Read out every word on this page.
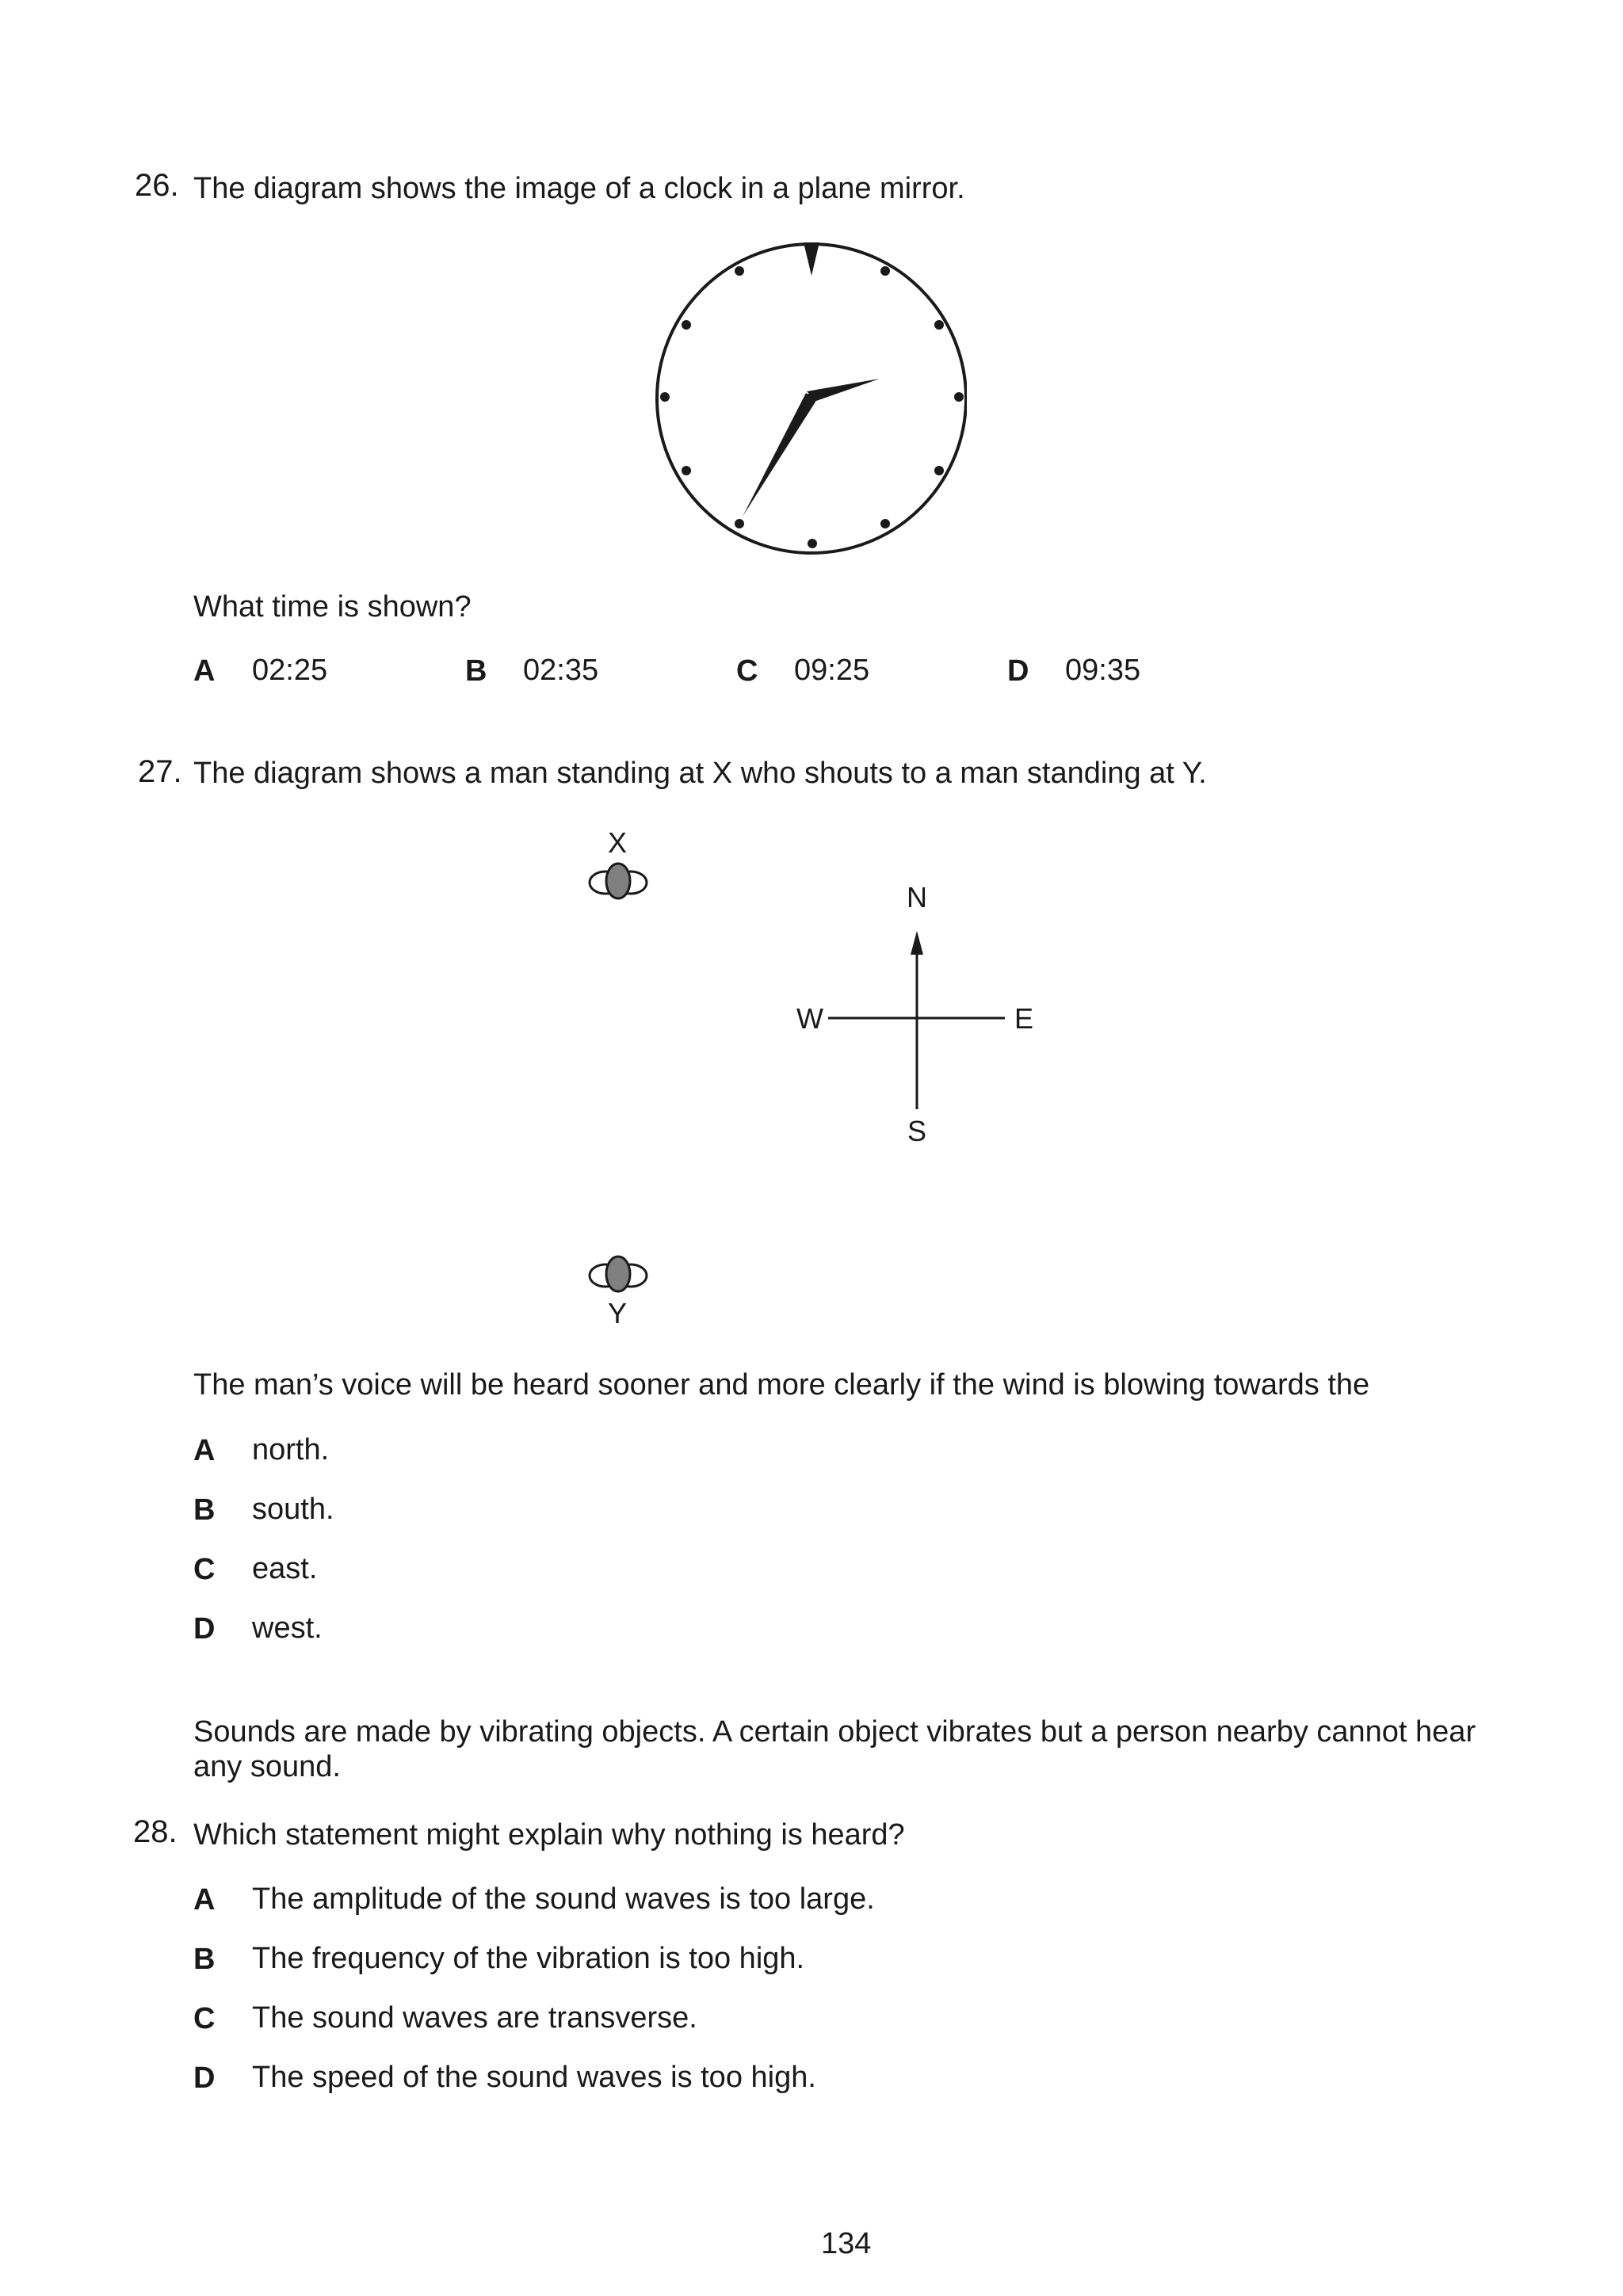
26. The diagram shows the image of a clock in a plane mirror.
What time is shown?
A 02:25	B 02:35	C 09:25	D 09:35
27. The diagram shows a man standing at X who shouts to a man standing at Y.
X
N
W	E
S
Y
The man’s voice will be heard sooner and more clearly if the wind is blowing towards the
A north.
B south.
C east.
D west.
Sounds are made by vibrating objects. A certain object vibrates but a person nearby cannot hear any sound.
28. Which statement might explain why nothing is heard?
A The amplitude of the sound waves is too large.
B The frequency of the vibration is too high.
C The sound waves are transverse.
D The speed of the sound waves is too high.
134
